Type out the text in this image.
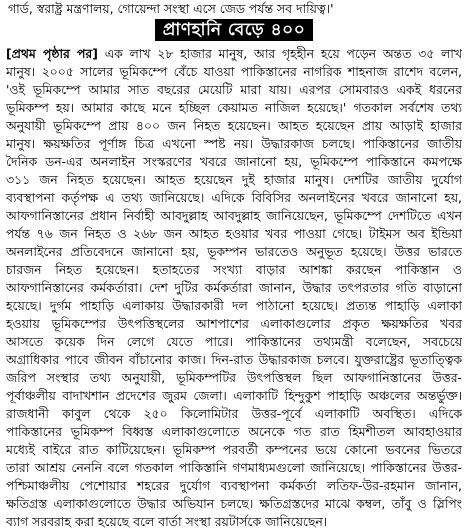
গার্ড, স্বরাষ্ট্র মন্ত্রণালয়, গোয়েন্দা সংস্থা এসে জেড পর্যন্ত সব দায়িত্ব।'
প্রাণহানি বেড়ে ৪০০
[প্রথম পৃষ্ঠার পর] এক লাখ ২৮ হাজার মানুষ, আর গৃহহীন হয়ে পড়েন অন্তত ৩৫ লাখ
মানুষ। ২০০৫ সালের ভূমিকম্পে বেঁচে যাওয়া পাকিস্তানের নাগরিক শাহনাজ রাশেদ বলেন,
'ওই ভূমিকম্পে আমার সাত বছরের মেয়েটি মারা যায়। এরপর সোমবারও একই ধরনের
ভূমিকম্প হয়। আমার কাছে মনে হচ্ছিল কেয়ামত নাজিল হয়েছে।' গতকাল সর্বশেষ তথ্য
অনুযায়ী ভূমিকম্পে প্রায় ৪০০ জন নিহত হয়েছেন। আহত হয়েছেন প্রায় আড়াই হাজার
মানুষ। ক্ষয়ক্ষতির পূর্ণাঙ্গ চিত্র এখনো স্পষ্ট নয়। উদ্ধারকাজ চলছে। পাকিস্তানের জাতীয়
দৈনিক ডন-এর অনলাইন সংস্করণের খবরে জানানো হয়, ভূমিকম্পে পাকিস্তানে কমপক্ষে
৩১১ জন নিহত হয়েছেন। আহত হয়েছেন দুই হাজার মানুষ। দেশটির জাতীয় দুর্যোগ
ব্যবস্থাপনা কর্তৃপক্ষ এ তথ্য জানিয়েছে। এদিকে বিবিসির অনলাইনের খবরে জানানো হয়,
আফগানিস্তানের প্রধান নির্বাহী আবদুল্লাহ আবদুল্লাহ জানিয়েছেন, ভূমিকম্পে দেশটিতে এখন
পর্যন্ত ৭৬ জন নিহত ও ২৬৮ জন আহত হওয়ার খবর পাওয়া গেছে। টাইমস অব ইন্ডিয়া
অনলাইনের প্রতিবেদনে জানানো হয়, ভূকম্পন ভারতেও অনুভূত হয়েছে। উত্তর ভারতে
চারজন নিহত হয়েছেন। হতাহতের সংখ্যা বাড়ার আশঙ্কা করছেন পাকিস্তান ও
আফগানিস্তানের কর্মকর্তারা। দেশ দুটির কর্মকর্তারা জানান, উদ্ধার তৎপরতার গতি বাড়ানো
হয়েছে। দুর্গম পাহাড়ি এলাকায় উদ্ধারকারী দল পাঠানো হয়েছে। প্রত্যন্ত পাহাড়ি এলাকা
হওয়ায় ভূমিকম্পের উৎপত্তিস্থলের আশপাশের এলাকাগুলোর প্রকৃত ক্ষয়ক্ষতির খবর
আসতে কয়েক দিন লেগে যেতে পারে। পাকিস্তানের তথ্যমন্ত্রী বলেছেন, সবচেয়ে
অগ্রাধিকার পাবে জীবন বাঁচানোর কাজ। দিন-রাত উদ্ধারকাজ চলবে। যুক্তরাষ্ট্রের ভূতাত্ত্বিক
জরিপ সংস্থার তথ্য অনুযায়ী, ভূমিকম্পটির উৎপত্তিস্থল ছিল আফগানিস্তানের উত্তর-
পূর্বাঞ্চলীয় বাদাখশান প্রদেশের জুরম জেলা। এলাকাটি হিন্দুকুশ পাহাড়ি অঞ্চলের অন্তর্ভুক্ত।
রাজধানী কাবুল থেকে ২৫০ কিলোমিটার উত্তর-পূর্বে এলাকাটি অবস্থিত। এদিকে
পাকিস্তানের ভূমিকম্প বিধ্বস্ত এলাকাগুলোতে অনেকে গত রাত হিমশীতল আবহাওয়ার
মধ্যেই বাইরে রাত কাটিয়েছেন। ভূমিকম্প পরবর্তী কম্পনের ভয়ে কোনো ভবনের ভিতরে
তারা আশ্রয় নেননি বলে গতকাল পাকিস্তানি গণমাধ্যমগুলো জানিয়েছে। পাকিস্তানের উত্তর-
পশ্চিমাঞ্চলীয় পেশোয়ার শহরের দুর্যোগ ব্যবস্থাপনা কর্মকর্তা লতিফ-উর-রহমান জানান,
ক্ষতিগ্রস্ত এলাকাগুলোতে উদ্ধার অভিযান চলছে। ক্ষতিগ্রস্তদের মাঝে কম্বল, তাঁবু ও স্লিপিং
ব্যাগ সরবরাহ করা হয়েছে বলে বার্তা সংস্থা রয়টার্সকে জানিয়েছেন।
